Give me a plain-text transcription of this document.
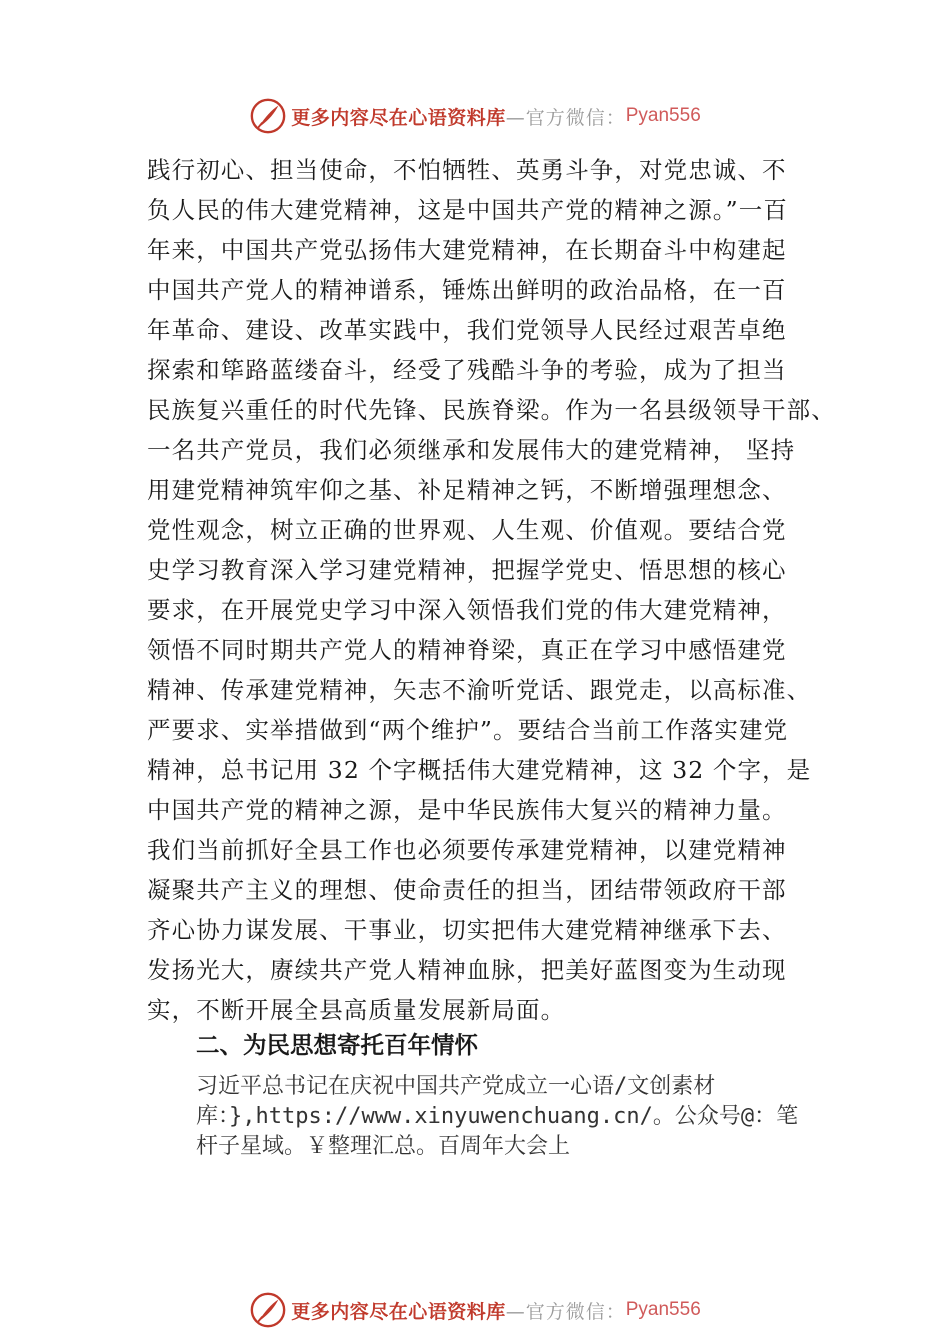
更多内容尽在心语资料库 —官方微信： Pyan556
践行初心、担当使命，不怕牺牲、英勇斗争，对党忠诚、不
负人民的伟大建党精神，这是中国共产党的精神之源。”一百
年来，中国共产党弘扬伟大建党精神，在长期奋斗中构建起
中国共产党人的精神谱系，锤炼出鲜明的政治品格，在一百
年革命、建设、改革实践中，我们党领导人民经过艰苦卓绝
探索和筚路蓝缕奋斗，经受了残酷斗争的考验，成为了担当
民族复兴重任的时代先锋、民族脊梁。作为一名县级领导干部、
一名共产党员，我们必须继承和发展伟大的建党精神， 坚持
用建党精神筑牢仰之基、补足精神之钙，不断增强理想念、
党性观念，树立正确的世界观、人生观、价值观。要结合党
史学习教育深入学习建党精神，把握学党史、悟思想的核心
要求，在开展党史学习中深入领悟我们党的伟大建党精神，
领悟不同时期共产党人的精神脊梁，真正在学习中感悟建党
精神、传承建党精神，矢志不渝听党话、跟党走，以高标准、
严要求、实举措做到“两个维护”。要结合当前工作落实建党
精神，总书记用 32 个字概括伟大建党精神，这 32 个字，是
中国共产党的精神之源，是中华民族伟大复兴的精神力量。
我们当前抓好全县工作也必须要传承建党精神，以建党精神
凝聚共产主义的理想、使命责任的担当，团结带领政府干部
齐心协力谋发展、干事业，切实把伟大建党精神继承下去、
发扬光大，赓续共产党人精神血脉，把美好蓝图变为生动现
实，不断开展全县高质量发展新局面。
二、为民思想寄托百年情怀
习近平总书记在庆祝中国共产党成立一心语/文创素材
库：},https://www.xinyuwenchuang.cn/。公众号@：笔
杆子星域。￥整理汇总。百周年大会上
更多内容尽在心语资料库 —官方微信： Pyan556
